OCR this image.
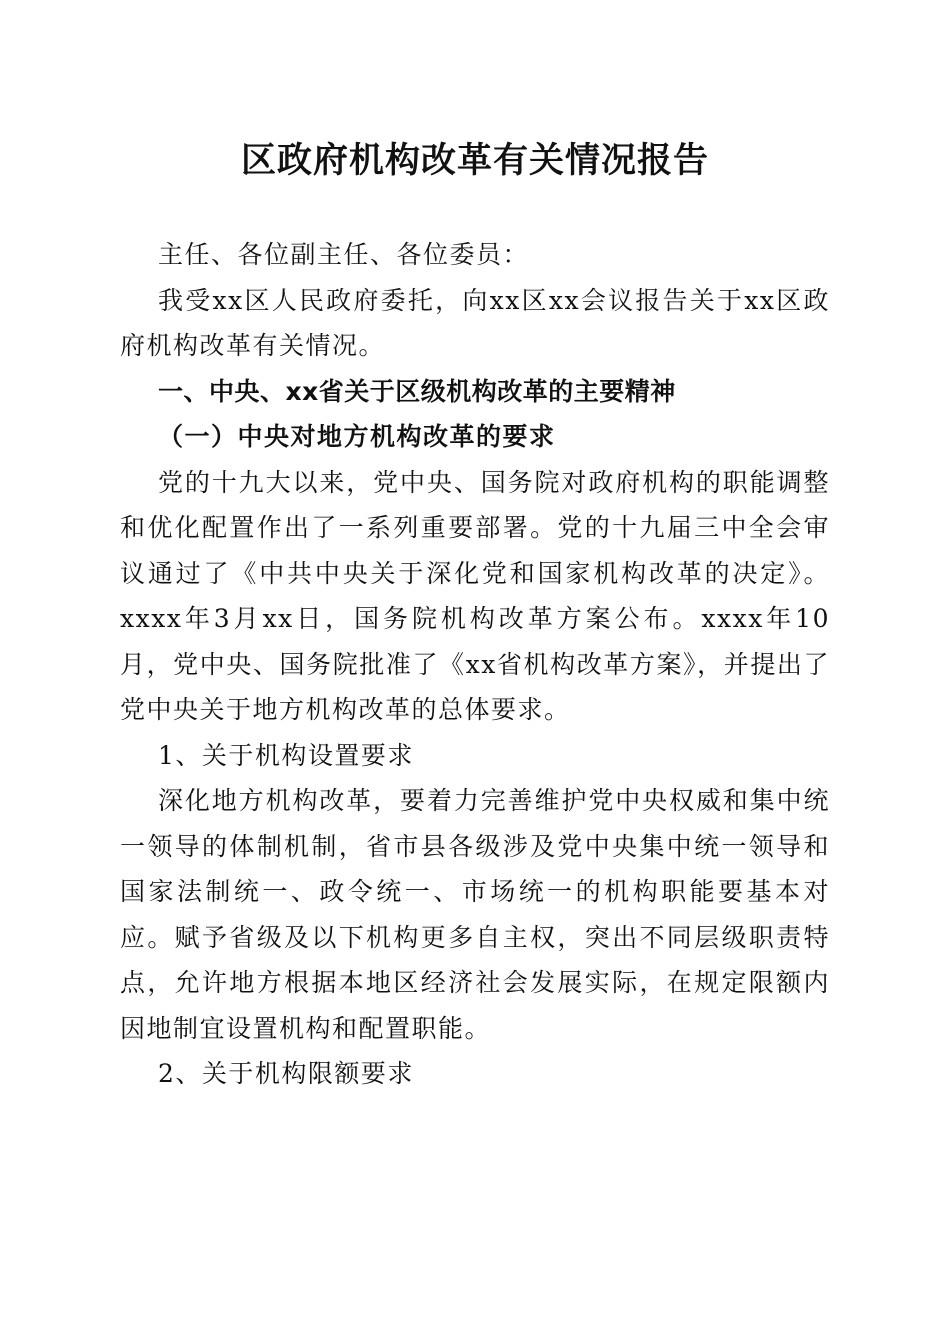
区政府机构改革有关情况报告

主任、各位副主任、各位委员：

我受xx区人民政府委托，向xx区xx会议报告关于xx区政府机构改革有关情况。

一、中央、xx省关于区级机构改革的主要精神

（一）中央对地方机构改革的要求

党的十九大以来，党中央、国务院对政府机构的职能调整和优化配置作出了一系列重要部署。党的十九届三中全会审议通过了《中共中央关于深化党和国家机构改革的决定》。xxxx年3月xx日，国务院机构改革方案公布。xxxx年10月，党中央、国务院批准了《xx省机构改革方案》，并提出了党中央关于地方机构改革的总体要求。

1、关于机构设置要求

深化地方机构改革，要着力完善维护党中央权威和集中统一领导的体制机制，省市县各级涉及党中央集中统一领导和国家法制统一、政令统一、市场统一的机构职能要基本对应。赋予省级及以下机构更多自主权，突出不同层级职责特点，允许地方根据本地区经济社会发展实际，在规定限额内因地制宜设置机构和配置职能。

2、关于机构限额要求
